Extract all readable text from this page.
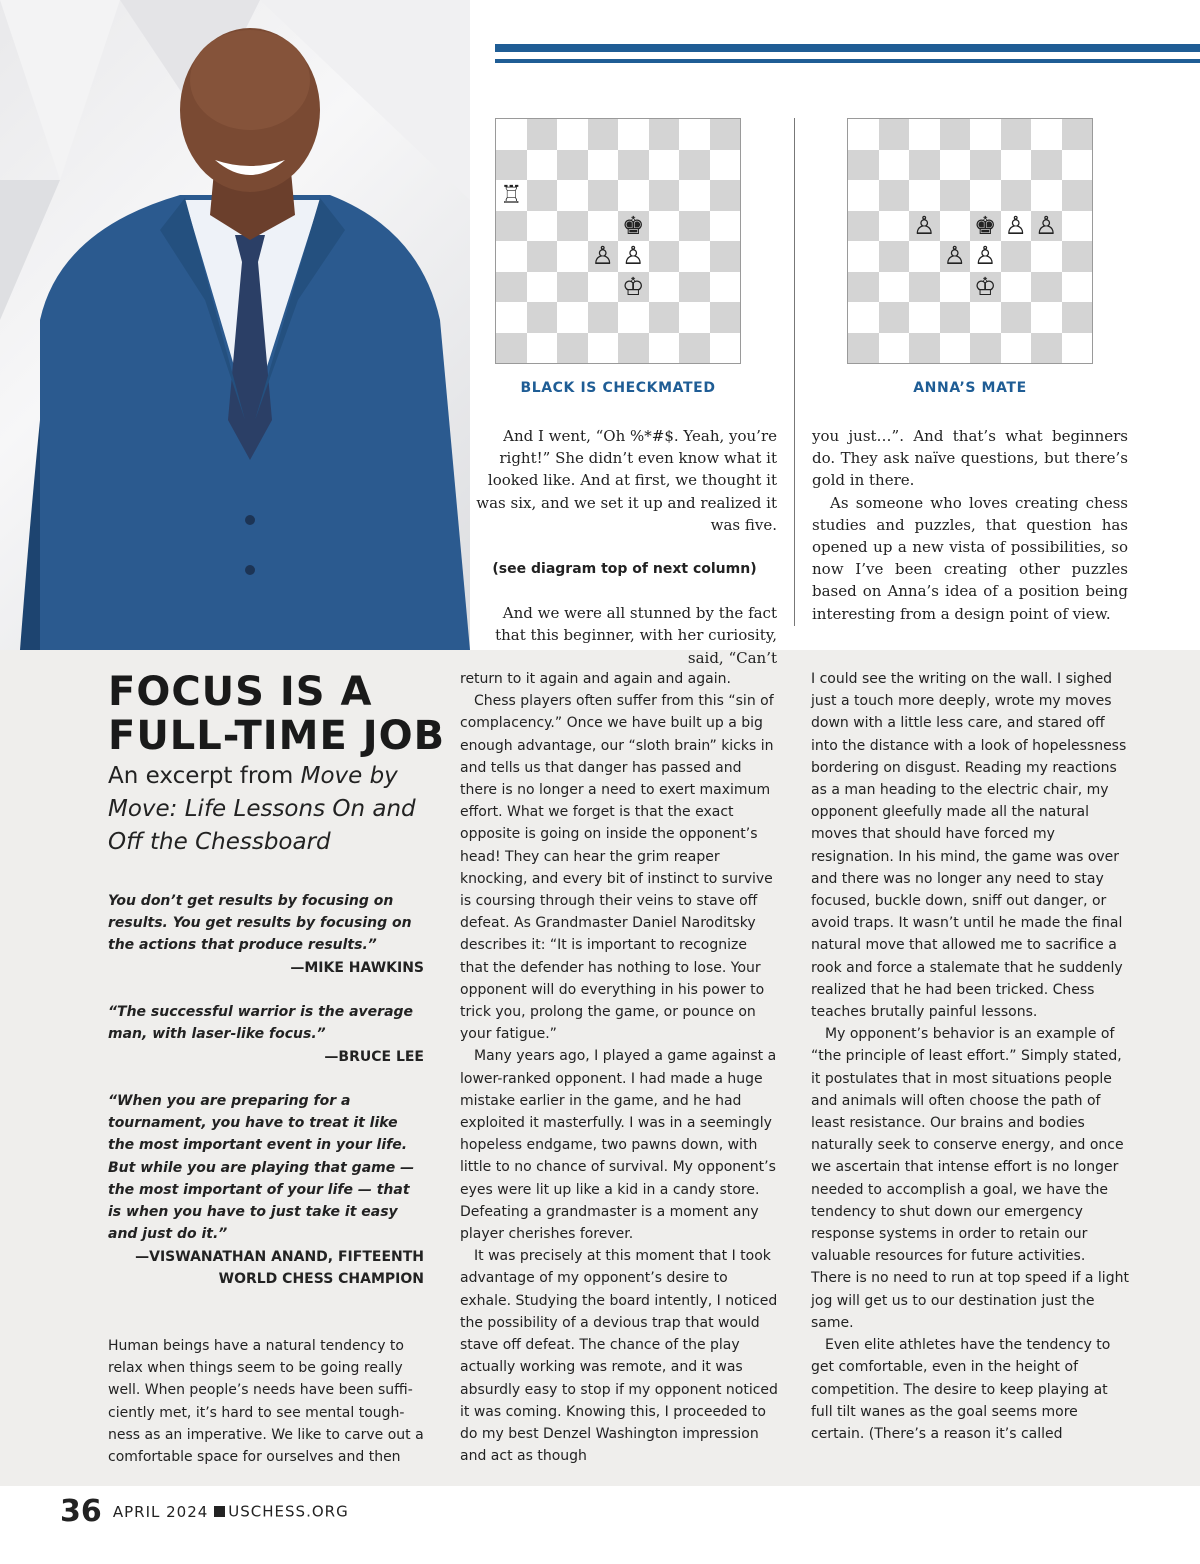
♖
♚
♙ ♙
♔
BLACK IS CHECKMATED
♙ ♚ ♙ ♙
♙ ♙
♔
ANNA’S MATE

And I went, “Oh %*#$. Yeah, you’re right!” She didn’t even know what it looked like. And at first, we thought it was six, and we set it up and realized it was five.

(see diagram top of next column)

And we were all stunned by the fact that this beginner, with her curiosity, said, “Can’t

you just…”. And that’s what beginners do. They ask naïve questions, but there’s gold in there.

As someone who loves creating chess studies and puzzles, that question has opened up a new vista of possibilities, so now I’ve been creating other puzzles based on Anna’s idea of a position being interesting from a design point of view.

FOCUS IS A
FULL-TIME JOB

An excerpt from Move by Move: Life Lessons On and Off the Chessboard

You don’t get results by focusing on results. You get results by focusing on the actions that produce results.”

—MIKE HAWKINS

“The successful warrior is the average man, with laser-like focus.”

—BRUCE LEE

“When you are preparing for a tournament, you have to treat it like the most important event in your life. But while you are playing that game — the most important of your life — that is when you have to just take it easy and just do it.”

—VISWANATHAN ANAND, FIFTEENTH
WORLD CHESS CHAMPION

Human beings have a natural tendency to relax when things seem to be going really well. When people’s needs have been sufficiently met, it’s hard to see mental toughness as an imperative. We like to carve out a comfortable space for ourselves and then

return to it again and again and again.

Chess players often suffer from this “sin of complacency.” Once we have built up a big enough advantage, our “sloth brain” kicks in and tells us that danger has passed and there is no longer a need to exert maximum effort. What we forget is that the exact opposite is going on inside the opponent’s head! They can hear the grim reaper knocking, and every bit of instinct to survive is coursing through their veins to stave off defeat. As Grandmaster Daniel Naroditsky describes it: “It is important to recognize that the defender has nothing to lose. Your opponent will do everything in his power to trick you, prolong the game, or pounce on your fatigue.”

Many years ago, I played a game against a lower-ranked opponent. I had made a huge mistake earlier in the game, and he had exploited it masterfully. I was in a seemingly hopeless endgame, two pawns down, with little to no chance of survival. My opponent’s eyes were lit up like a kid in a candy store. Defeating a grandmaster is a moment any player cherishes forever.

It was precisely at this moment that I took advantage of my opponent’s desire to exhale. Studying the board intently, I noticed the possibility of a devious trap that would stave off defeat. The chance of the play actually working was remote, and it was absurdly easy to stop if my opponent noticed it was coming. Knowing this, I proceeded to do my best Denzel Washington impression and act as though

I could see the writing on the wall. I sighed just a touch more deeply, wrote my moves down with a little less care, and stared off into the distance with a look of hopelessness bordering on disgust. Reading my reactions as a man heading to the electric chair, my opponent gleefully made all the natural moves that should have forced my resignation. In his mind, the game was over and there was no longer any need to stay focused, buckle down, sniff out danger, or avoid traps. It wasn’t until he made the final natural move that allowed me to sacrifice a rook and force a stalemate that he suddenly realized that he had been tricked. Chess teaches brutally painful lessons.

My opponent’s behavior is an example of “the principle of least effort.” Simply stated, it postulates that in most situations people and animals will often choose the path of least resistance. Our brains and bodies naturally seek to conserve energy, and once we ascertain that intense effort is no longer needed to accomplish a goal, we have the tendency to shut down our emergency response systems in order to retain our valuable resources for future activities. There is no need to run at top speed if a light jog will get us to our destination just the same.

Even elite athletes have the tendency to get comfortable, even in the height of competition. The desire to keep playing at full tilt wanes as the goal seems more certain. (There’s a reason it’s called

36 APRIL 2024 USCHESS.ORG
